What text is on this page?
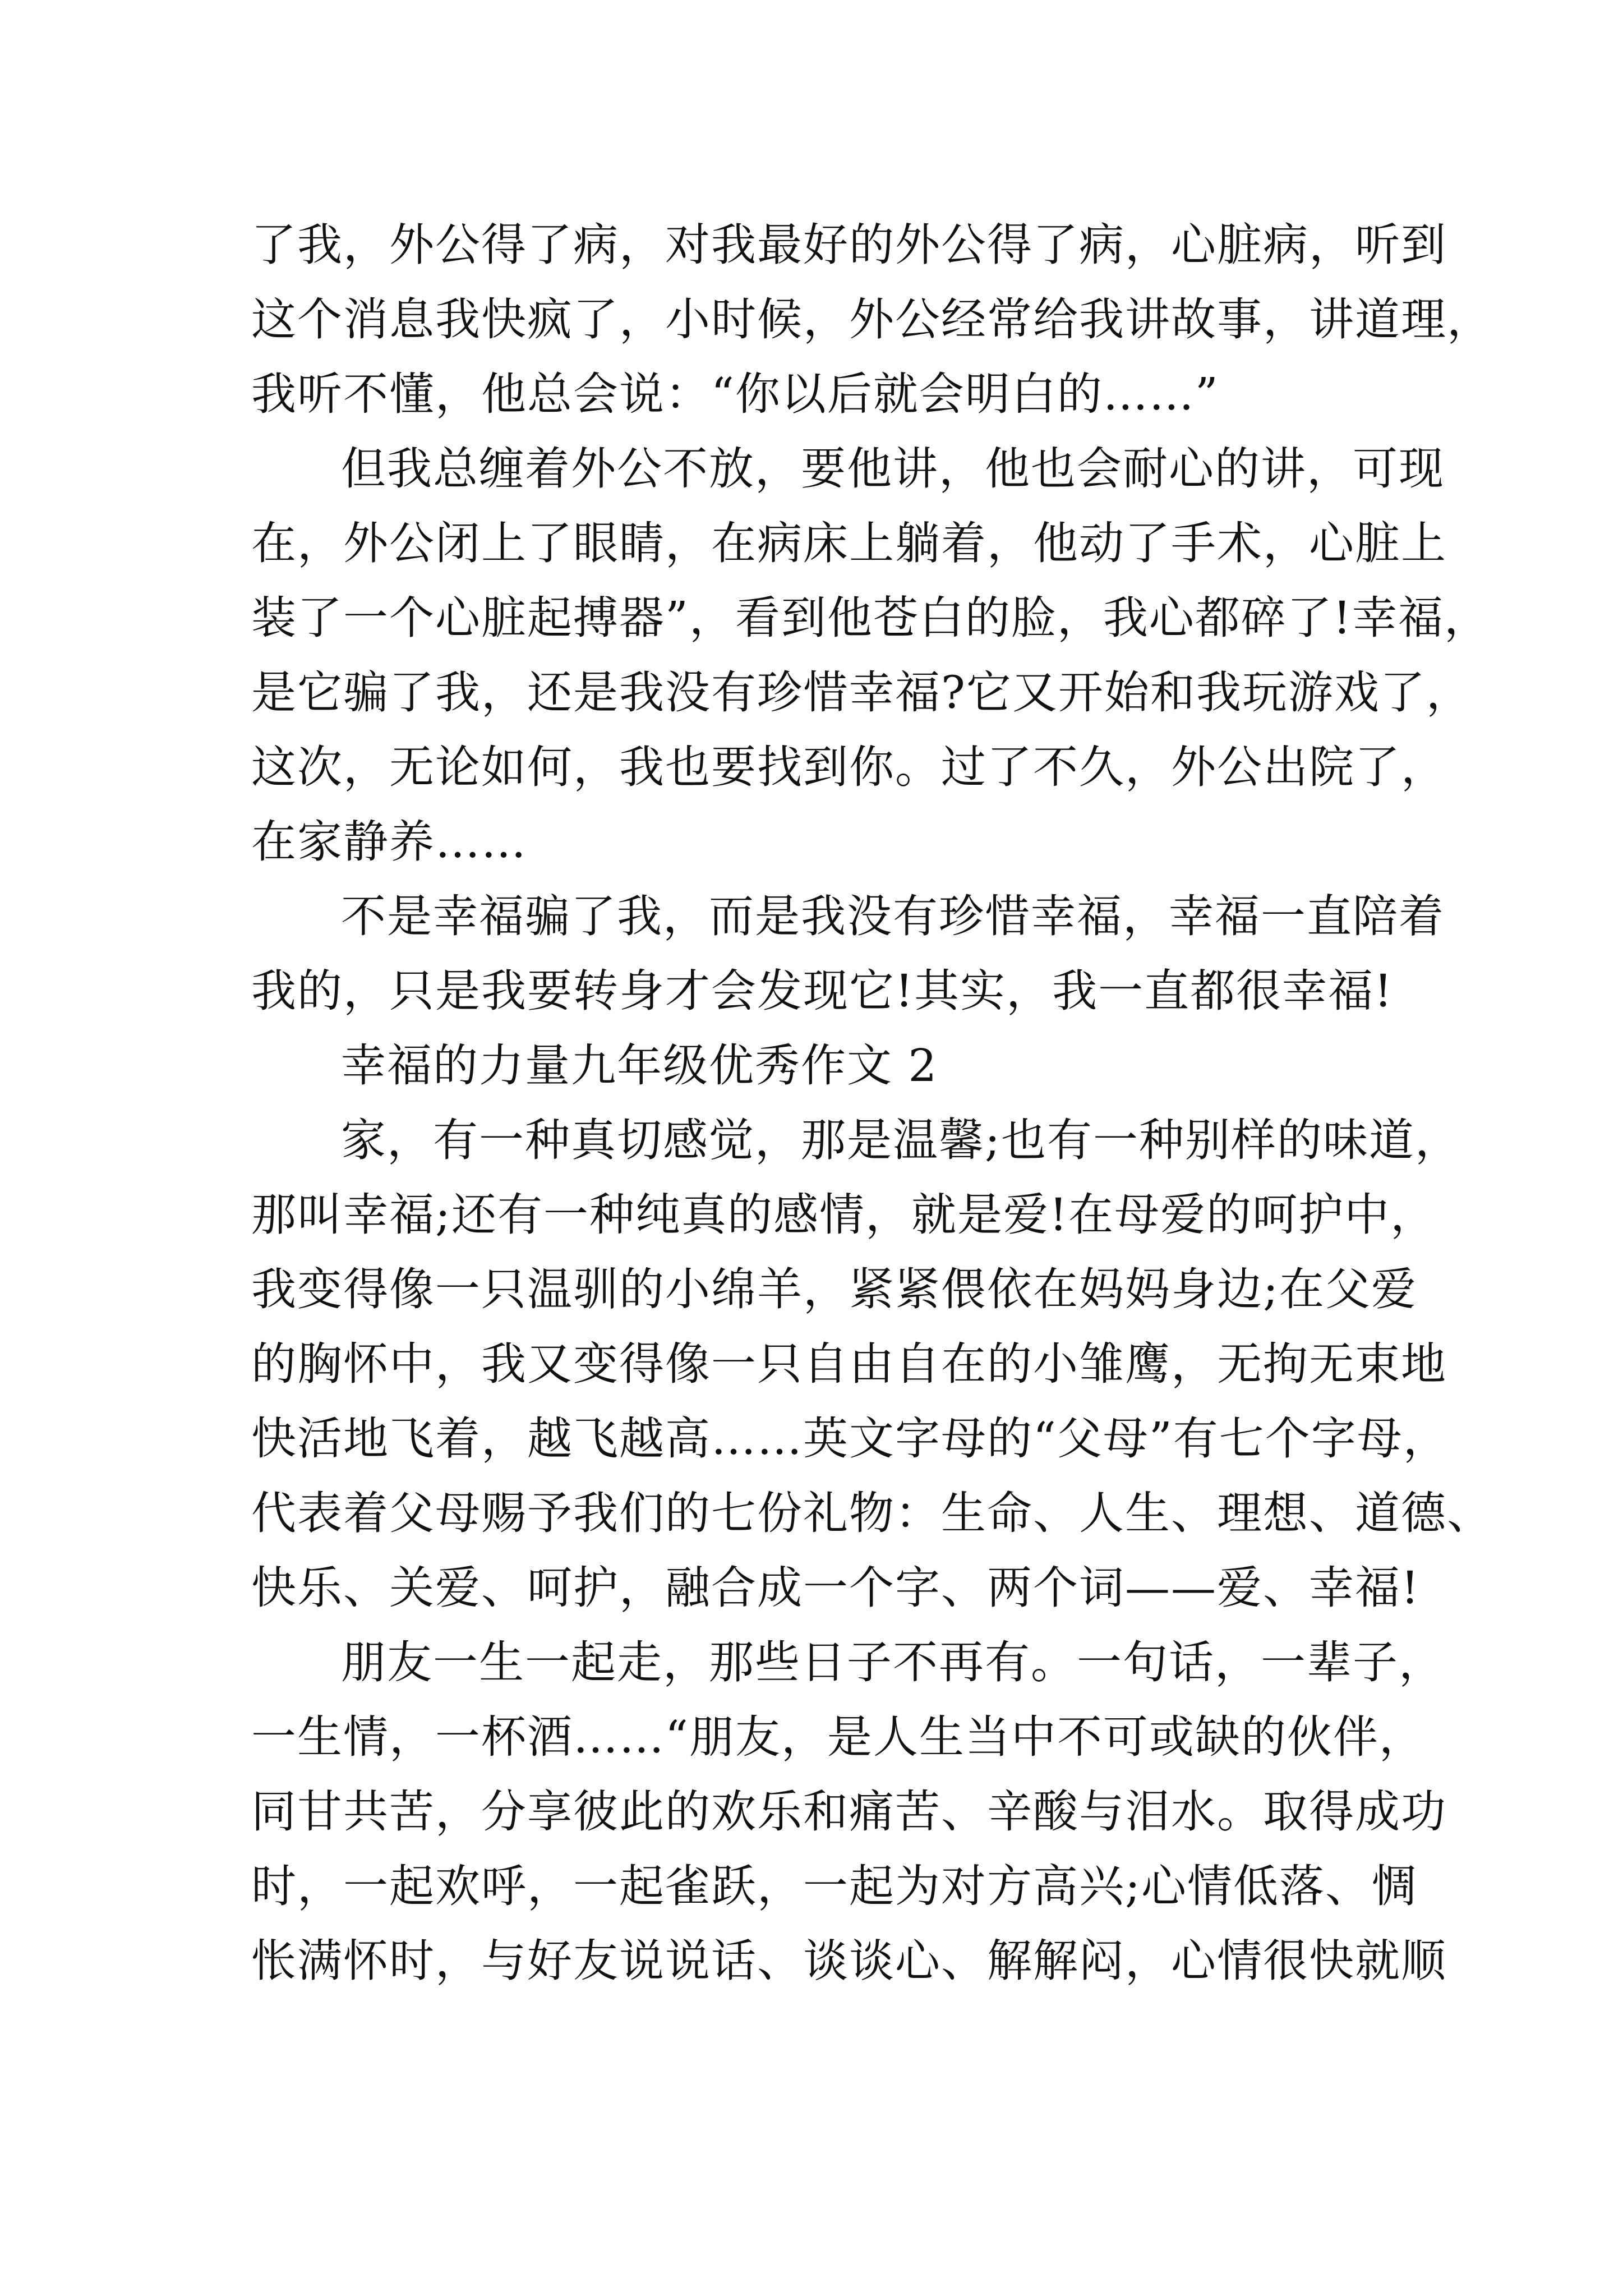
了我，外公得了病，对我最好的外公得了病，心脏病，听到
这个消息我快疯了，小时候，外公经常给我讲故事，讲道理，
我听不懂，他总会说：“你以后就会明白的……”

但我总缠着外公不放，要他讲，他也会耐心的讲，可现
在，外公闭上了眼睛，在病床上躺着，他动了手术，心脏上
装了一个心脏起搏器”，看到他苍白的脸，我心都碎了!幸福，
是它骗了我，还是我没有珍惜幸福?它又开始和我玩游戏了，
这次，无论如何，我也要找到你。过了不久，外公出院了，
在家静养……

不是幸福骗了我，而是我没有珍惜幸福，幸福一直陪着
我的，只是我要转身才会发现它!其实，我一直都很幸福!

幸福的力量九年级优秀作文 2

家，有一种真切感觉，那是温馨;也有一种别样的味道，
那叫幸福;还有一种纯真的感情，就是爱!在母爱的呵护中，
我变得像一只温驯的小绵羊，紧紧偎依在妈妈身边;在父爱
的胸怀中，我又变得像一只自由自在的小雏鹰，无拘无束地
快活地飞着，越飞越高……英文字母的“父母”有七个字母，
代表着父母赐予我们的七份礼物：生命、人生、理想、道德、
快乐、关爱、呵护，融合成一个字、两个词——爱、幸福!

朋友一生一起走，那些日子不再有。一句话，一辈子，
一生情，一杯酒……“朋友，是人生当中不可或缺的伙伴，
同甘共苦，分享彼此的欢乐和痛苦、辛酸与泪水。取得成功
时，一起欢呼，一起雀跃，一起为对方高兴;心情低落、惆
怅满怀时，与好友说说话、谈谈心、解解闷，心情很快就顺
